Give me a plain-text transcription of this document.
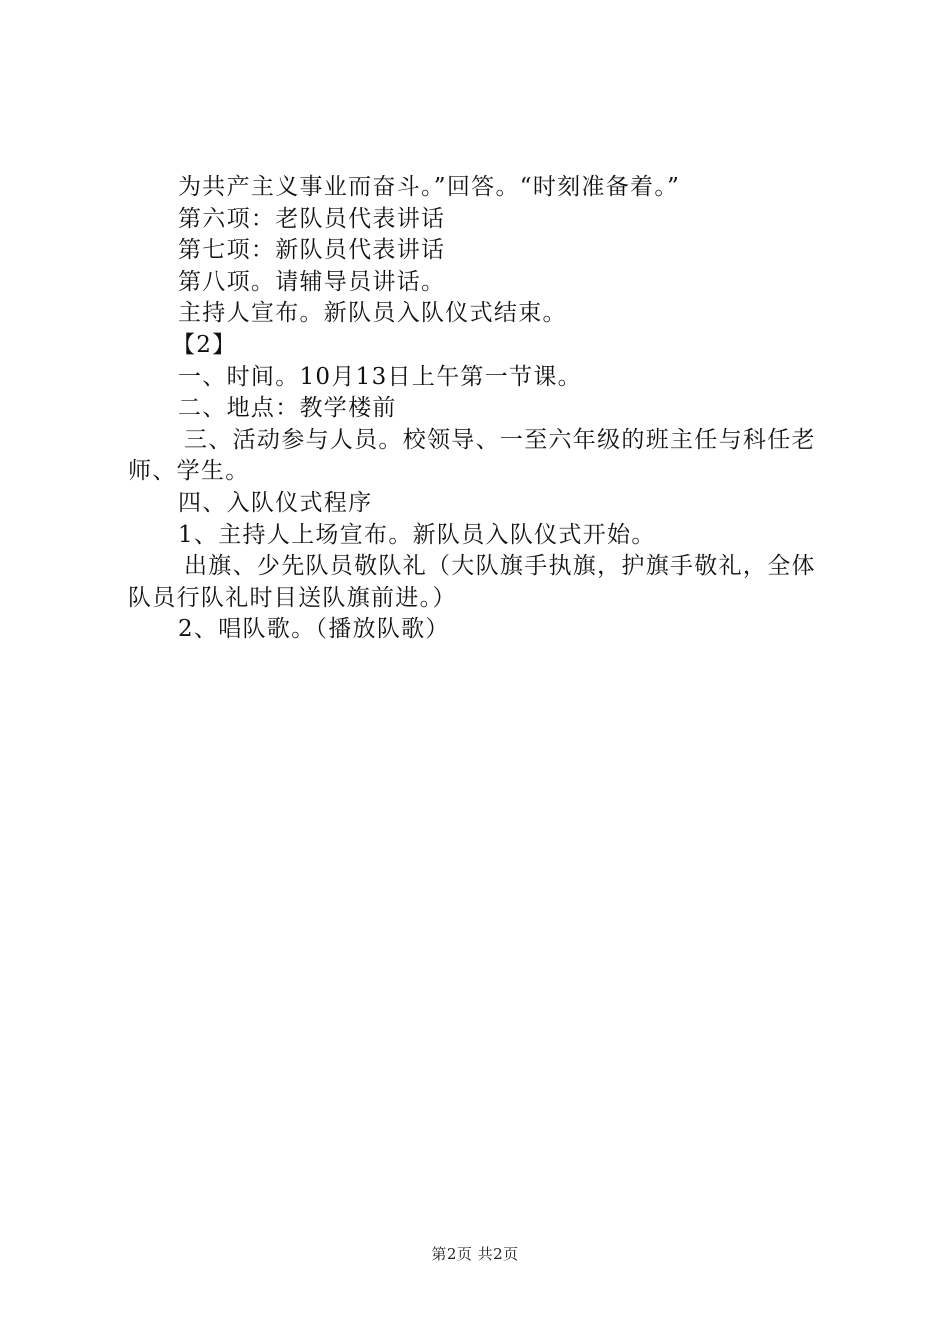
为共产主义事业而奋斗。”回答。“时刻准备着。”

第六项：老队员代表讲话

第七项：新队员代表讲话

第八项。请辅导员讲话。

主持人宣布。新队员入队仪式结束。

【2】

一、时间。10月13日上午第一节课。

二、地点：教学楼前

三、活动参与人员。校领导、一至六年级的班主任与科任老师、学生。

四、入队仪式程序

1、主持人上场宣布。新队员入队仪式开始。

出旗、少先队员敬队礼（大队旗手执旗，护旗手敬礼，全体队员行队礼时目送队旗前进。）

2、唱队歌。（播放队歌）

第2页 共2页
